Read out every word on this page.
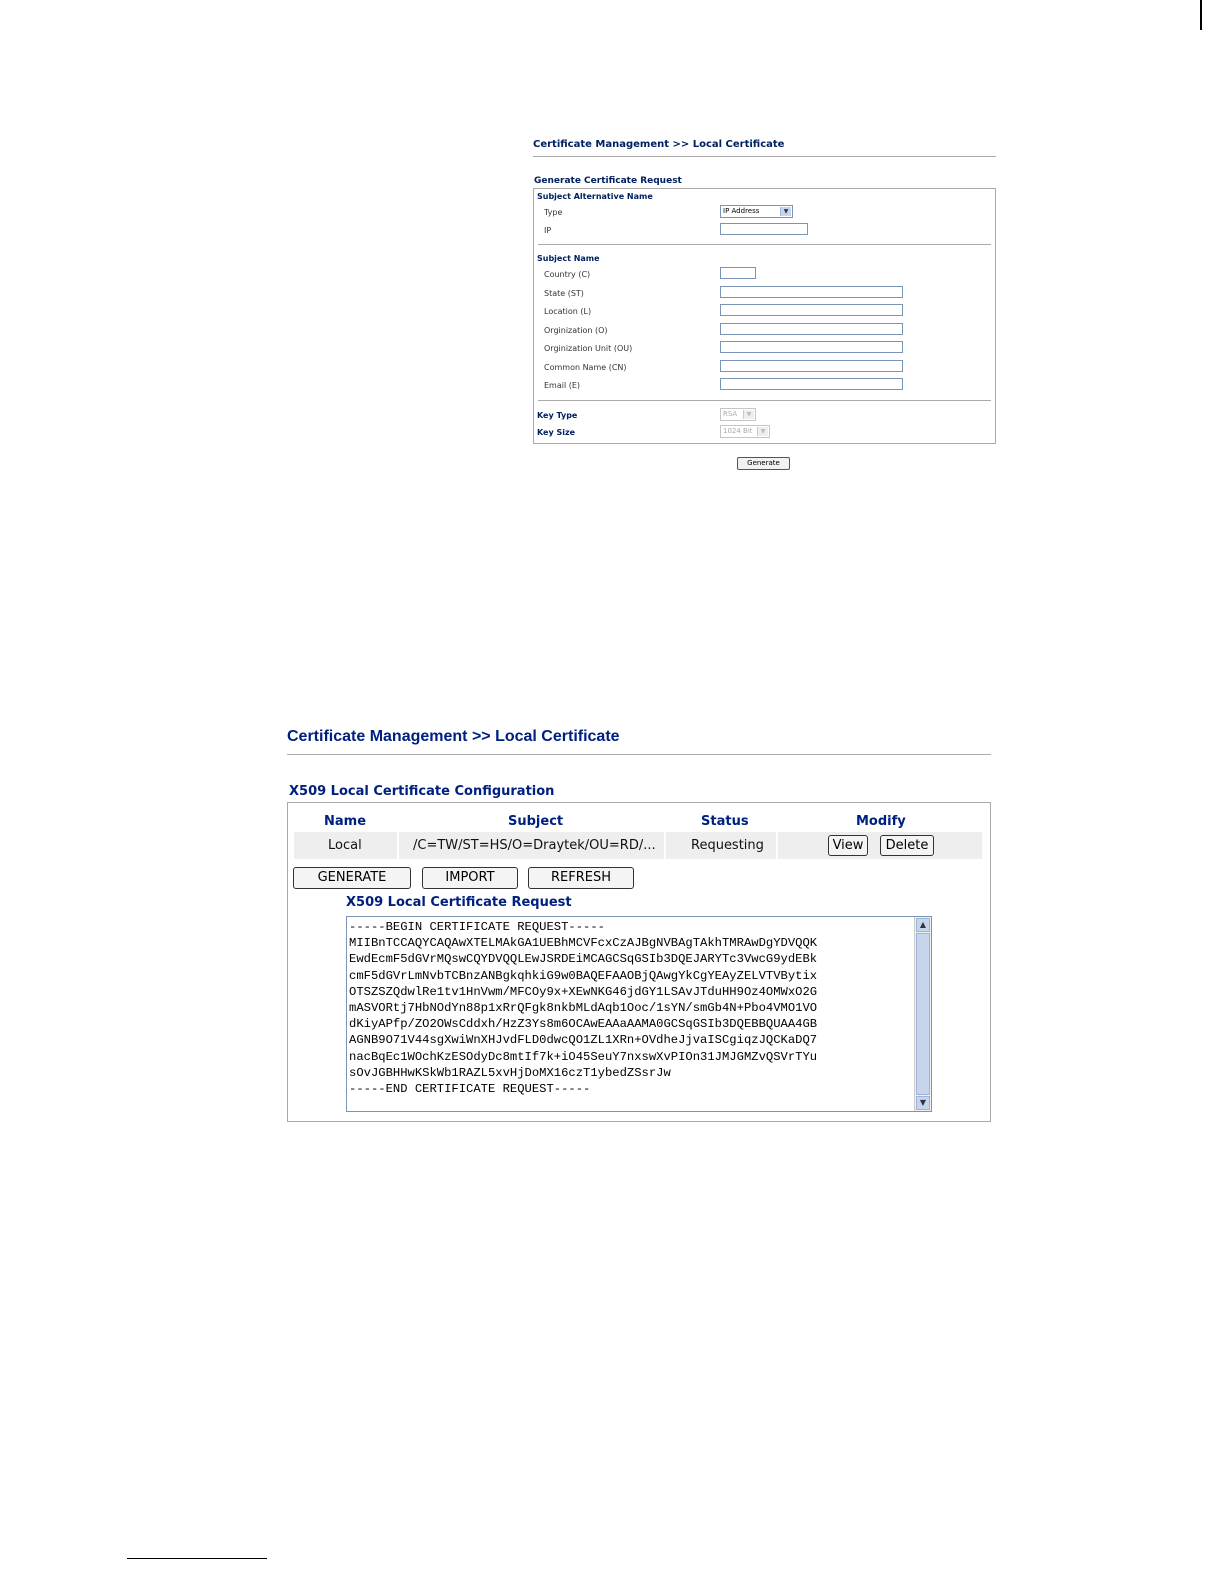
Certificate Management >> Local Certificate
Generate Certificate Request
Subject Alternative Name
Type	IP Address	▼
IP
Subject Name
Country (C)
State (ST)
Location (L)
Orginization (O)
Orginization Unit (OU)
Common Name (CN)
Email (E)
Key Type	RSA	▼
Key Size	1024 Bit	▼
Generate
Certificate Management >> Local Certificate
X509 Local Certificate Configuration
Name	Subject	Status	Modify
Local	/C=TW/ST=HS/O=Draytek/OU=RD/...	Requesting	View	Delete
GENERATE	IMPORT	REFRESH
X509 Local Certificate Request
-----BEGIN CERTIFICATE REQUEST-----
MIIBnTCCAQYCAQAwXTELMAkGA1UEBhMCVFcxCzAJBgNVBAgTAkhTMRAwDgYDVQQK
EwdEcmF5dGVrMQswCQYDVQQLEwJSRDEiMCAGCSqGSIb3DQEJARYTc3VwcG9ydEBk
cmF5dGVrLmNvbTCBnzANBgkqhkiG9w0BAQEFAAOBjQAwgYkCgYEAyZELVTVBytix
OTSZSZQdwlRe1tv1HnVwm/MFCOy9x+XEwNKG46jdGY1LSAvJTduHH9Oz4OMWxO2G
mASVORtj7HbNOdYn88p1xRrQFgk8nkbMLdAqb1Ooc/1sYN/smGb4N+Pbo4VMO1VO
dKiyAPfp/ZO2OWsCddxh/HzZ3Ys8m6OCAwEAAaAAMA0GCSqGSIb3DQEBBQUAA4GB
AGNB9O71V44sgXwiWnXHJvdFLD0dwcQO1ZL1XRn+OVdheJjvaISCgiqzJQCKaDQ7
nacBqEc1WOchKzESOdyDc8mtIf7k+iO45SeuY7nxswXvPIOn31JMJGMZvQSVrTYu
sOvJGBHHwKSkWb1RAZL5xvHjDoMX16czT1ybedZSsrJw
-----END CERTIFICATE REQUEST-----
▲
▼
